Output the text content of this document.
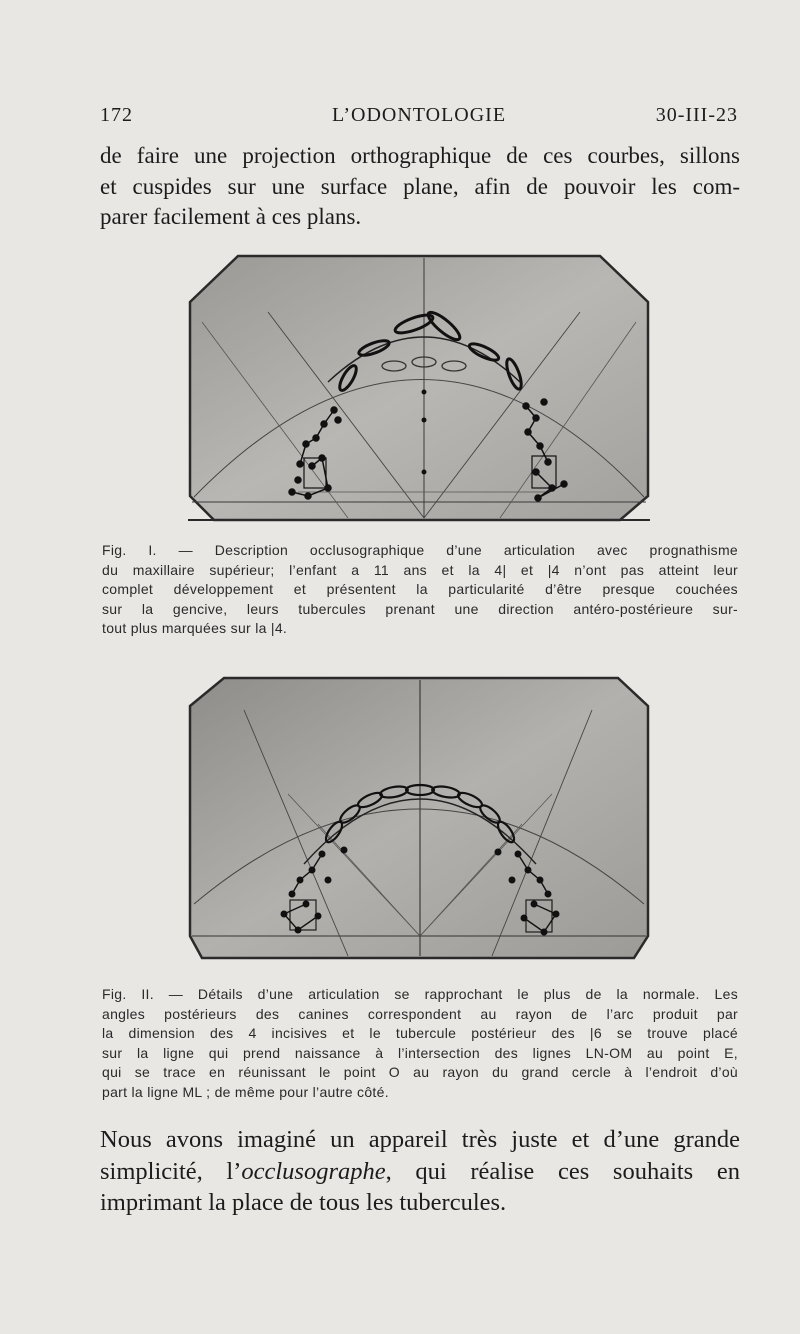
172	L’ODONTOLOGIE	30-III-23
de faire une projection orthographique de ces courbes, sillons
et cuspides sur une surface plane, afin de pouvoir les com-
parer facilement à ces plans.
Fig. I. — Description occlusographique d’une articulation avec prognathisme
du maxillaire supérieur; l’enfant a 11 ans et la 4| et |4 n’ont pas atteint leur
complet développement et présentent la particularité d’être presque couchées
sur la gencive, leurs tubercules prenant une direction antéro-postérieure sur-
tout plus marquées sur la |4.
Fig. II. — Détails d’une articulation se rapprochant le plus de la normale. Les
angles postérieurs des canines correspondent au rayon de l’arc produit par
la dimension des 4 incisives et le tubercule postérieur des |6 se trouve placé
sur la ligne qui prend naissance à l’intersection des lignes LN-OM au point E,
qui se trace en réunissant le point O au rayon du grand cercle à l’endroit d’où
part la ligne ML ; de même pour l’autre côté.
Nous avons imaginé un appareil très juste et d’une grande
simplicité, l’occlusographe, qui réalise ces souhaits en
imprimant la place de tous les tubercules.
